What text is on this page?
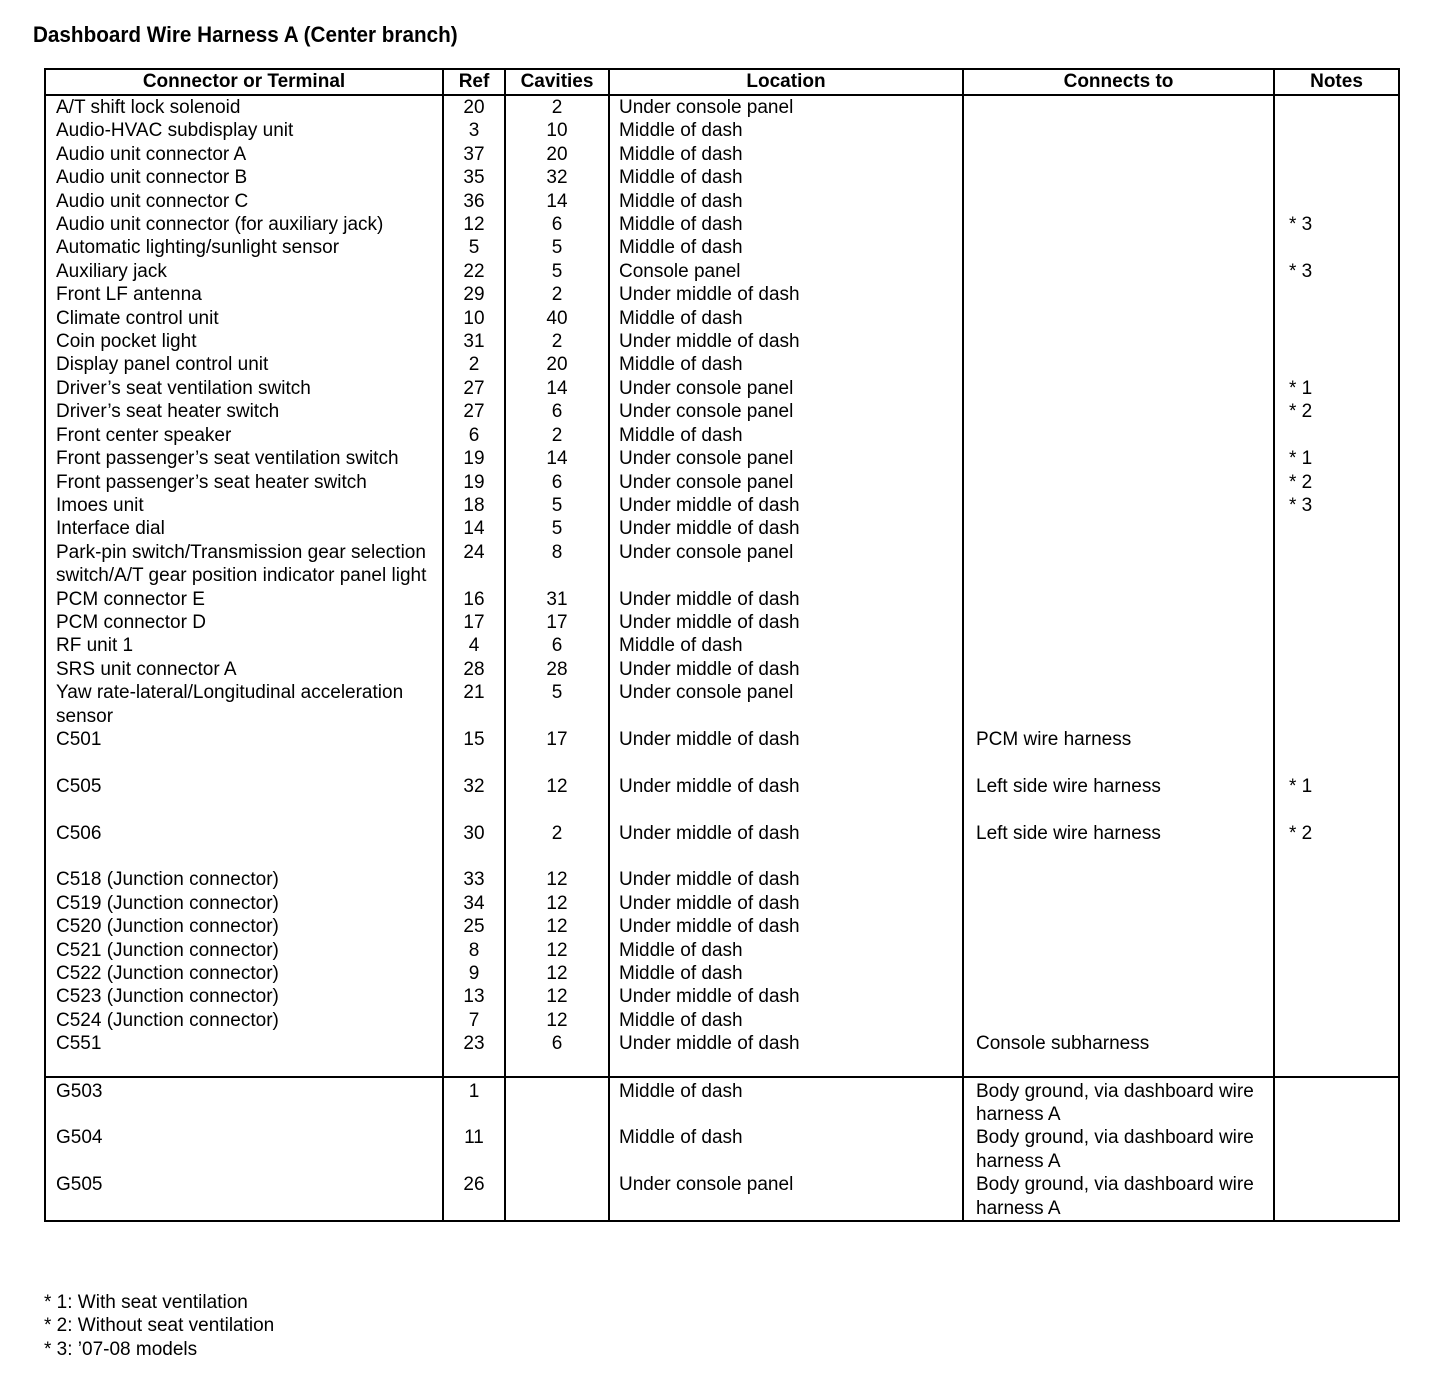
Dashboard Wire Harness A (Center branch)
Connector or Terminal	Ref	Cavities	Location	Connects to	Notes
A/T shift lock solenoid	20	2	Under console panel		
Audio-HVAC subdisplay unit	3	10	Middle of dash		
Audio unit connector A	37	20	Middle of dash		
Audio unit connector B	35	32	Middle of dash		
Audio unit connector C	36	14	Middle of dash		
Audio unit connector (for auxiliary jack)	12	6	Middle of dash		* 3
Automatic lighting/sunlight sensor	5	5	Middle of dash		
Auxiliary jack	22	5	Console panel		* 3
Front LF antenna	29	2	Under middle of dash		
Climate control unit	10	40	Middle of dash		
Coin pocket light	31	2	Under middle of dash		
Display panel control unit	2	20	Middle of dash		
Driver’s seat ventilation switch	27	14	Under console panel		* 1
Driver’s seat heater switch	27	6	Under console panel		* 2
Front center speaker	6	2	Middle of dash		
Front passenger’s seat ventilation switch	19	14	Under console panel		* 1
Front passenger’s seat heater switch	19	6	Under console panel		* 2
Imoes unit	18	5	Under middle of dash		* 3
Interface dial	14	5	Under middle of dash		
Park-pin switch/Transmission gear selection switch/A/T gear position indicator panel light	24	8	Under console panel		
PCM connector E	16	31	Under middle of dash		
PCM connector D	17	17	Under middle of dash		
RF unit 1	4	6	Middle of dash		
SRS unit connector A	28	28	Under middle of dash		
Yaw rate-lateral/Longitudinal acceleration sensor	21	5	Under console panel		
C501	15	17	Under middle of dash	PCM wire harness	
C505	32	12	Under middle of dash	Left side wire harness	* 1
C506	30	2	Under middle of dash	Left side wire harness	* 2
C518 (Junction connector)	33	12	Under middle of dash		
C519 (Junction connector)	34	12	Under middle of dash		
C520 (Junction connector)	25	12	Under middle of dash		
C521 (Junction connector)	8	12	Middle of dash		
C522 (Junction connector)	9	12	Middle of dash		
C523 (Junction connector)	13	12	Under middle of dash		
C524 (Junction connector)	7	12	Middle of dash		
C551	23	6	Under middle of dash	Console subharness	
G503	1		Middle of dash	Body ground, via dashboard wire harness A	
G504	11		Middle of dash	Body ground, via dashboard wire harness A	
G505	26		Under console panel	Body ground, via dashboard wire harness A	
* 1: With seat ventilation
* 2: Without seat ventilation
* 3: ’07-08 models
